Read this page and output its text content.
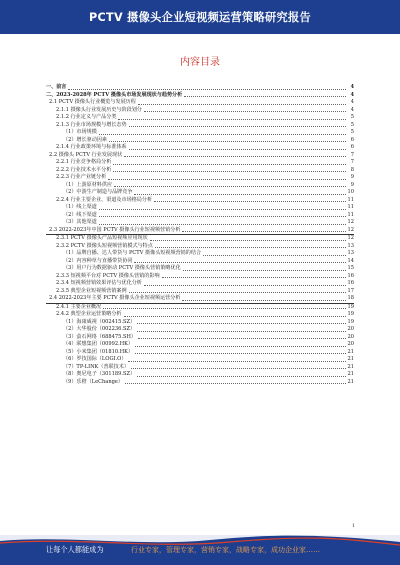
PCTV 摄像头企业短视频运营策略研究报告
内容目录
一、前言	4
二、2023-2028年 PCTV 摄像头市场发展现状与趋势分析	4
2.1 PCTV 摄像头行业概览与发展历程	4
2.1.1 摄像头行业发展历史与阶段划分	4
2.1.2 行业定义与产品分类	5
2.1.3 行业市场规模与增长态势	5
（1）市场规模	5
（2）增长驱动因素	6
2.1.4 行业政策环境与标准体系	6
2.2 摄像头 PCTV 行业发展现状	7
2.2.1 行业竞争格局分析	7
2.2.2 行业技术水平分析	8
2.2.3 行业产业链分析	9
（1）上游原材料供应	9
（2）中游生产制造与品牌竞争	10
2.2.4 行业主要企业、渠道及市场格局分析	11
（1）线上渠道	11
（2）线下渠道	11
（3）其他渠道	12
2.3 2022-2023年中国 PCTV 摄像头行业短视频营销分析	12
2.3.1 PCTV 摄像头产品短视频应用现状	12
2.3.2 PCTV 摄像头短视频营销模式与特点	13
（1）品牌自播、达人带货与 PCTV 摄像头短视频营销的结合	13
（2）内容种草与直播带货协同	14
（3）用户行为数据驱动 PCTV 摄像头营销策略优化	15
2.3.3 短视频平台对 PCTV 摄像头营销的影响	16
2.3.4 短视频营销效果评估与优化分析	16
2.3.5 典型企业短视频营销案例	17
2.4 2022-2023年主要 PCTV 摄像头企业短视频运营分析	18
2.4.1 主要企业概况	19
2.4.2 典型企业运营策略分析	19
（1）海康威视（002415.SZ）	19
（2）大华股份（002236.SZ）	20
（3）萤石网络（688475.SH）	20
（4）联想集团（00992.HK）	20
（5）小米集团（01810.HK）	21
（6）罗技国际（LOGI.O）	21
（7）TP-LINK（普联技术）	21
（8）奥尼电子（301189.SZ）	21
（9）乐橙（LeChange）	21
1
让每个人都能成为	行业专家，管理专家，营销专家，战略专家，成功企业家……
